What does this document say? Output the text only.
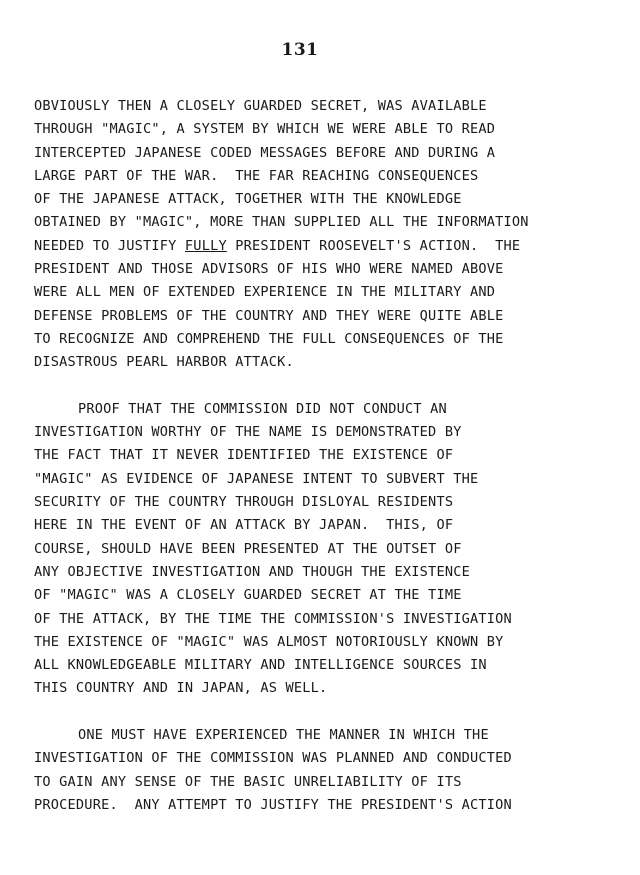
131
OBVIOUSLY THEN A CLOSELY GUARDED SECRET, WAS AVAILABLE
THROUGH "MAGIC", A SYSTEM BY WHICH WE WERE ABLE TO READ
INTERCEPTED JAPANESE CODED MESSAGES BEFORE AND DURING A
LARGE PART OF THE WAR.  THE FAR REACHING CONSEQUENCES
OF THE JAPANESE ATTACK, TOGETHER WITH THE KNOWLEDGE
OBTAINED BY "MAGIC", MORE THAN SUPPLIED ALL THE INFORMATION
NEEDED TO JUSTIFY FULLY PRESIDENT ROOSEVELT'S ACTION.  THE
PRESIDENT AND THOSE ADVISORS OF HIS WHO WERE NAMED ABOVE
WERE ALL MEN OF EXTENDED EXPERIENCE IN THE MILITARY AND
DEFENSE PROBLEMS OF THE COUNTRY AND THEY WERE QUITE ABLE
TO RECOGNIZE AND COMPREHEND THE FULL CONSEQUENCES OF THE
DISASTROUS PEARL HARBOR ATTACK.
PROOF THAT THE COMMISSION DID NOT CONDUCT AN
INVESTIGATION WORTHY OF THE NAME IS DEMONSTRATED BY
THE FACT THAT IT NEVER IDENTIFIED THE EXISTENCE OF
"MAGIC" AS EVIDENCE OF JAPANESE INTENT TO SUBVERT THE
SECURITY OF THE COUNTRY THROUGH DISLOYAL RESIDENTS
HERE IN THE EVENT OF AN ATTACK BY JAPAN.  THIS, OF
COURSE, SHOULD HAVE BEEN PRESENTED AT THE OUTSET OF
ANY OBJECTIVE INVESTIGATION AND THOUGH THE EXISTENCE
OF "MAGIC" WAS A CLOSELY GUARDED SECRET AT THE TIME
OF THE ATTACK, BY THE TIME THE COMMISSION'S INVESTIGATION
THE EXISTENCE OF "MAGIC" WAS ALMOST NOTORIOUSLY KNOWN BY
ALL KNOWLEDGEABLE MILITARY AND INTELLIGENCE SOURCES IN
THIS COUNTRY AND IN JAPAN, AS WELL.
ONE MUST HAVE EXPERIENCED THE MANNER IN WHICH THE
INVESTIGATION OF THE COMMISSION WAS PLANNED AND CONDUCTED
TO GAIN ANY SENSE OF THE BASIC UNRELIABILITY OF ITS
PROCEDURE.  ANY ATTEMPT TO JUSTIFY THE PRESIDENT'S ACTION
